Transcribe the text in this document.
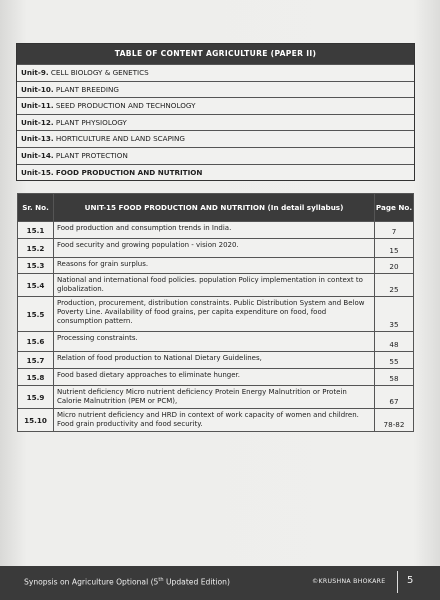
TABLE OF CONTENT AGRICULTURE (PAPER II)
Unit-9. CELL BIOLOGY & GENETICS
Unit-10. PLANT BREEDING
Unit-11. SEED PRODUCTION AND TECHNOLOGY
Unit-12. PLANT PHYSIOLOGY
Unit-13. HORTICULTURE AND LAND SCAPING
Unit-14. PLANT PROTECTION
Unit-15. FOOD PRODUCTION AND NUTRITION
Sr. No.	UNIT-15 FOOD PRODUCTION AND NUTRITION (In detail syllabus)	Page No.
15.1	Food production and consumption trends in India.	7
15.2	Food security and growing population - vision 2020.	15
15.3	Reasons for grain surplus.	20
15.4	National and international food policies. population Policy implementation in context to globalization.	25
15.5	Production, procurement, distribution constraints. Public Distribution System and Below Poverty Line. Availability of food grains, per capita expenditure on food, food consumption pattern.	35
15.6	Processing constraints.	48
15.7	Relation of food production to National Dietary Guidelines,	55
15.8	Food based dietary approaches to eliminate hunger.	58
15.9	Nutrient deficiency Micro nutrient deficiency Protein Energy Malnutrition or Protein Calorie Malnutrition (PEM or PCM),	67
15.10	Micro nutrient deficiency and HRD in context of work capacity of women and children. Food grain productivity and food security.	78-82
Synopsis on Agriculture Optional (5th Updated Edition)	©KRUSHNA BHOKARE 5
